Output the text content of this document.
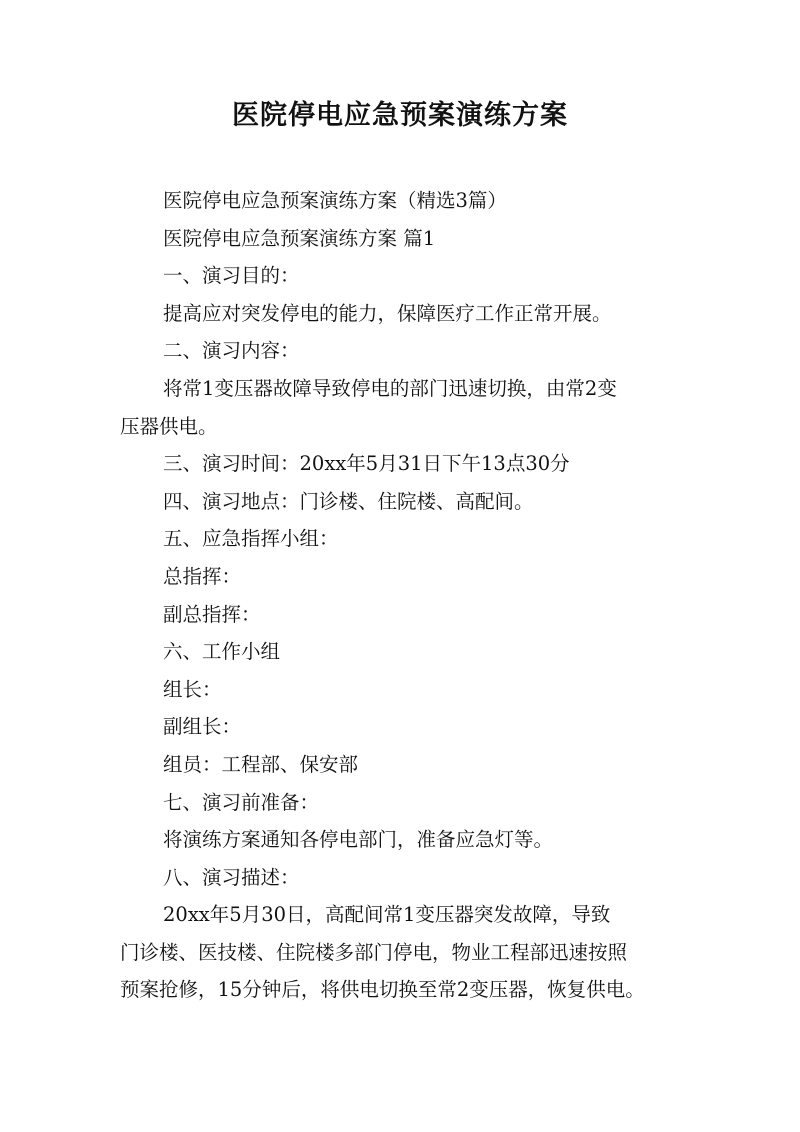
医院停电应急预案演练方案

医院停电应急预案演练方案（精选3篇）

医院停电应急预案演练方案 篇1

一、演习目的：

提高应对突发停电的能力，保障医疗工作正常开展。

二、演习内容：

将常1变压器故障导致停电的部门迅速切换，由常2变

压器供电。

三、演习时间：20xx年5月31日下午13点30分

四、演习地点：门诊楼、住院楼、高配间。

五、应急指挥小组：

总指挥：

副总指挥：

六、工作小组

组长：

副组长：

组员：工程部、保安部

七、演习前准备：

将演练方案通知各停电部门，准备应急灯等。

八、演习描述：

20xx年5月30日，高配间常1变压器突发故障，导致

门诊楼、医技楼、住院楼多部门停电，物业工程部迅速按照

预案抢修，15分钟后，将供电切换至常2变压器，恢复供电。
